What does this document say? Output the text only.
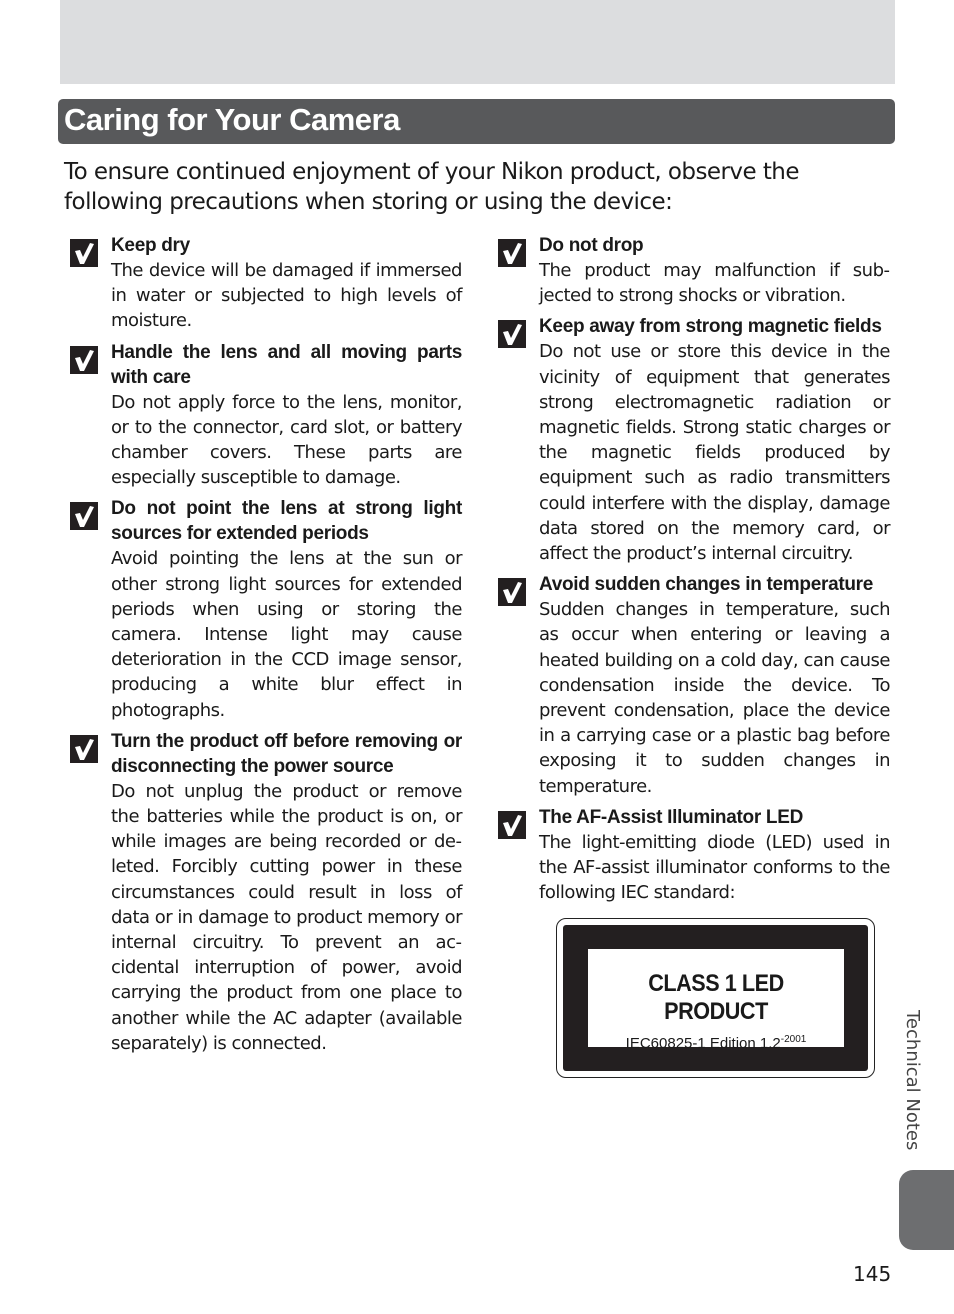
Caring for Your Camera

To ensure continued enjoyment of your Nikon product, observe the following precautions when storing or using the device:

Keep dry

The device will be damaged if immersed in water or subjected to high levels of moisture.

Handle the lens and all moving parts with care

Do not apply force to the lens, monitor, or to the connector, card slot, or battery chamber covers. These parts are especially susceptible to damage.

Do not point the lens at strong light sources for extended periods

Avoid pointing the lens at the sun or other strong light sources for extended periods when using or storing the camera. Intense light may cause deterioration in the CCD image sensor, producing a white blur effect in photographs.

Turn the product off before removing or disconnecting the power source

Do not unplug the product or remove the batteries while the product is on, or while images are being recorded or deleted. Forcibly cutting power in these circumstances could result in loss of data or in damage to product memory or internal circuitry. To prevent an accidental interruption of power, avoid carrying the product from one place to another while the AC adapter (available separately) is connected.

Do not drop

The product may malfunction if subjected to strong shocks or vibration.

Keep away from strong magnetic fields

Do not use or store this device in the vicinity of equipment that generates strong electromagnetic radiation or magnetic fields. Strong static charges or the magnetic fields produced by equipment such as radio transmitters could interfere with the display, damage data stored on the memory card, or affect the product’s internal circuitry.

Avoid sudden changes in temperature

Sudden changes in temperature, such as occur when entering or leaving a heated building on a cold day, can cause condensation inside the device. To prevent condensation, place the device in a carrying case or a plastic bag before exposing it to sudden changes in temperature.

The AF-Assist Illuminator LED

The light-emitting diode (LED) used in the AF-assist illuminator conforms to the following IEC standard:

CLASS 1 LED PRODUCT
IEC60825-1 Edition $1.2^{-2001}$	Technical Notes
145
